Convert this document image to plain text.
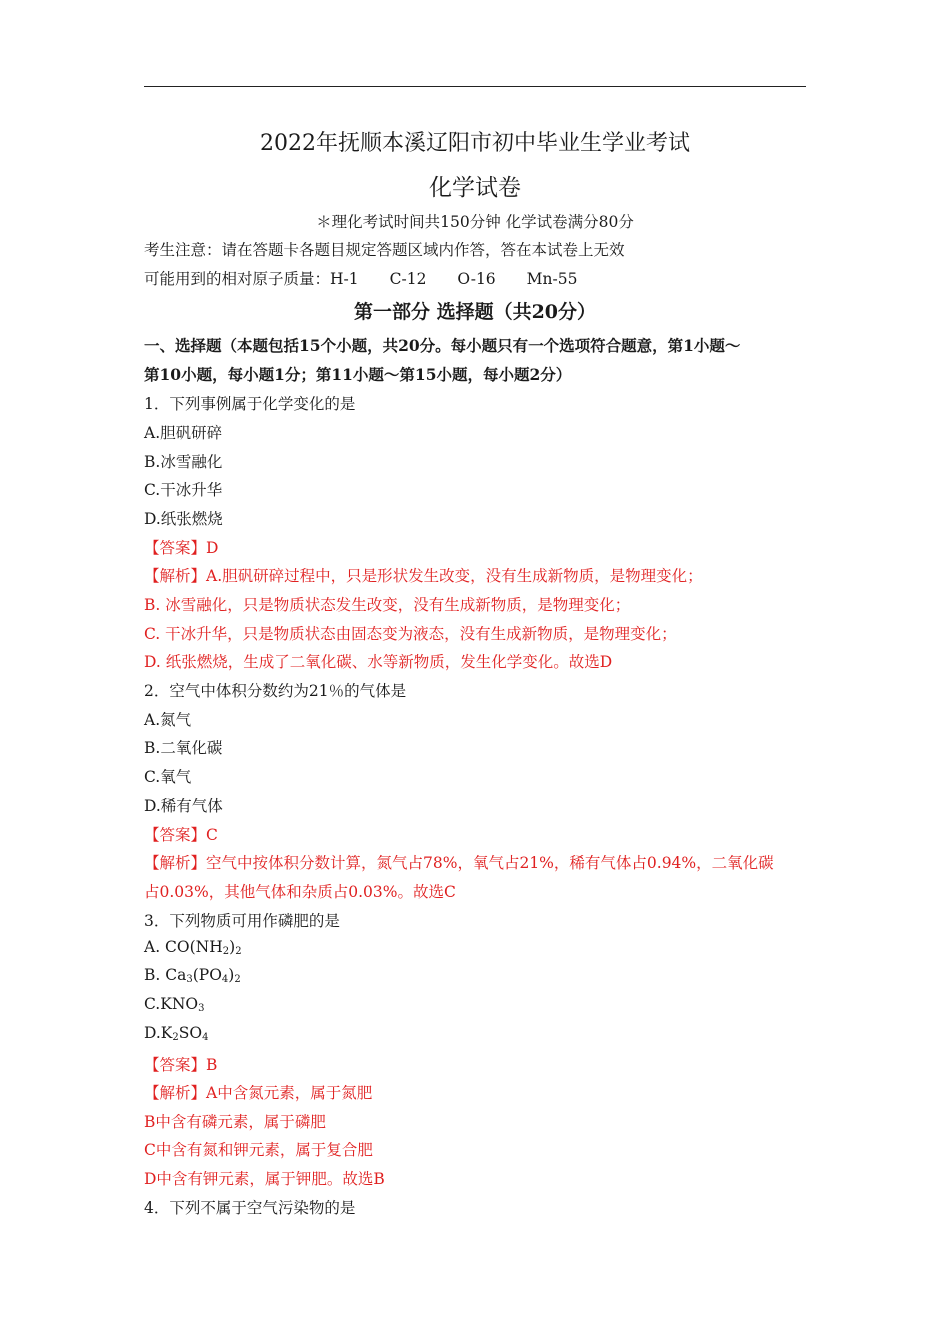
2022年抚顺本溪辽阳市初中毕业生学业考试
化学试卷
＊理化考试时间共150分钟 化学试卷满分80分
考生注意：请在答题卡各题目规定答题区域内作答，答在本试卷上无效
可能用到的相对原子质量：H-1　　C-12　　O-16　　Mn-55
第一部分 选择题（共20分）
一、选择题（本题包括15个小题，共20分。每小题只有一个选项符合题意，第1小题～
第10小题，每小题1分；第11小题～第15小题，每小题2分）
1．下列事例属于化学变化的是
A.胆矾研碎
B.冰雪融化
C.干冰升华
D.纸张燃烧
【答案】D
【解析】A.胆矾研碎过程中，只是形状发生改变，没有生成新物质，是物理变化；
B. 冰雪融化，只是物质状态发生改变，没有生成新物质，是物理变化；
C. 干冰升华，只是物质状态由固态变为液态，没有生成新物质，是物理变化；
D. 纸张燃烧，生成了二氧化碳、水等新物质，发生化学变化。故选D
2．空气中体积分数约为21％的气体是
A.氮气
B.二氧化碳
C.氧气
D.稀有气体
【答案】C
【解析】空气中按体积分数计算，氮气占78%，氧气占21%，稀有气体占0.94%，二氧化碳
占0.03%，其他气体和杂质占0.03%。故选C
3．下列物质可用作磷肥的是
A. $CO(NH_2)_2$
B. $Ca_3(PO_4)_2$
$C.KNO_3$
$D.K_2SO_4$
【答案】B
【解析】A中含氮元素，属于氮肥
B中含有磷元素，属于磷肥
C中含有氮和钾元素，属于复合肥
D中含有钾元素，属于钾肥。故选B
4．下列不属于空气污染物的是
